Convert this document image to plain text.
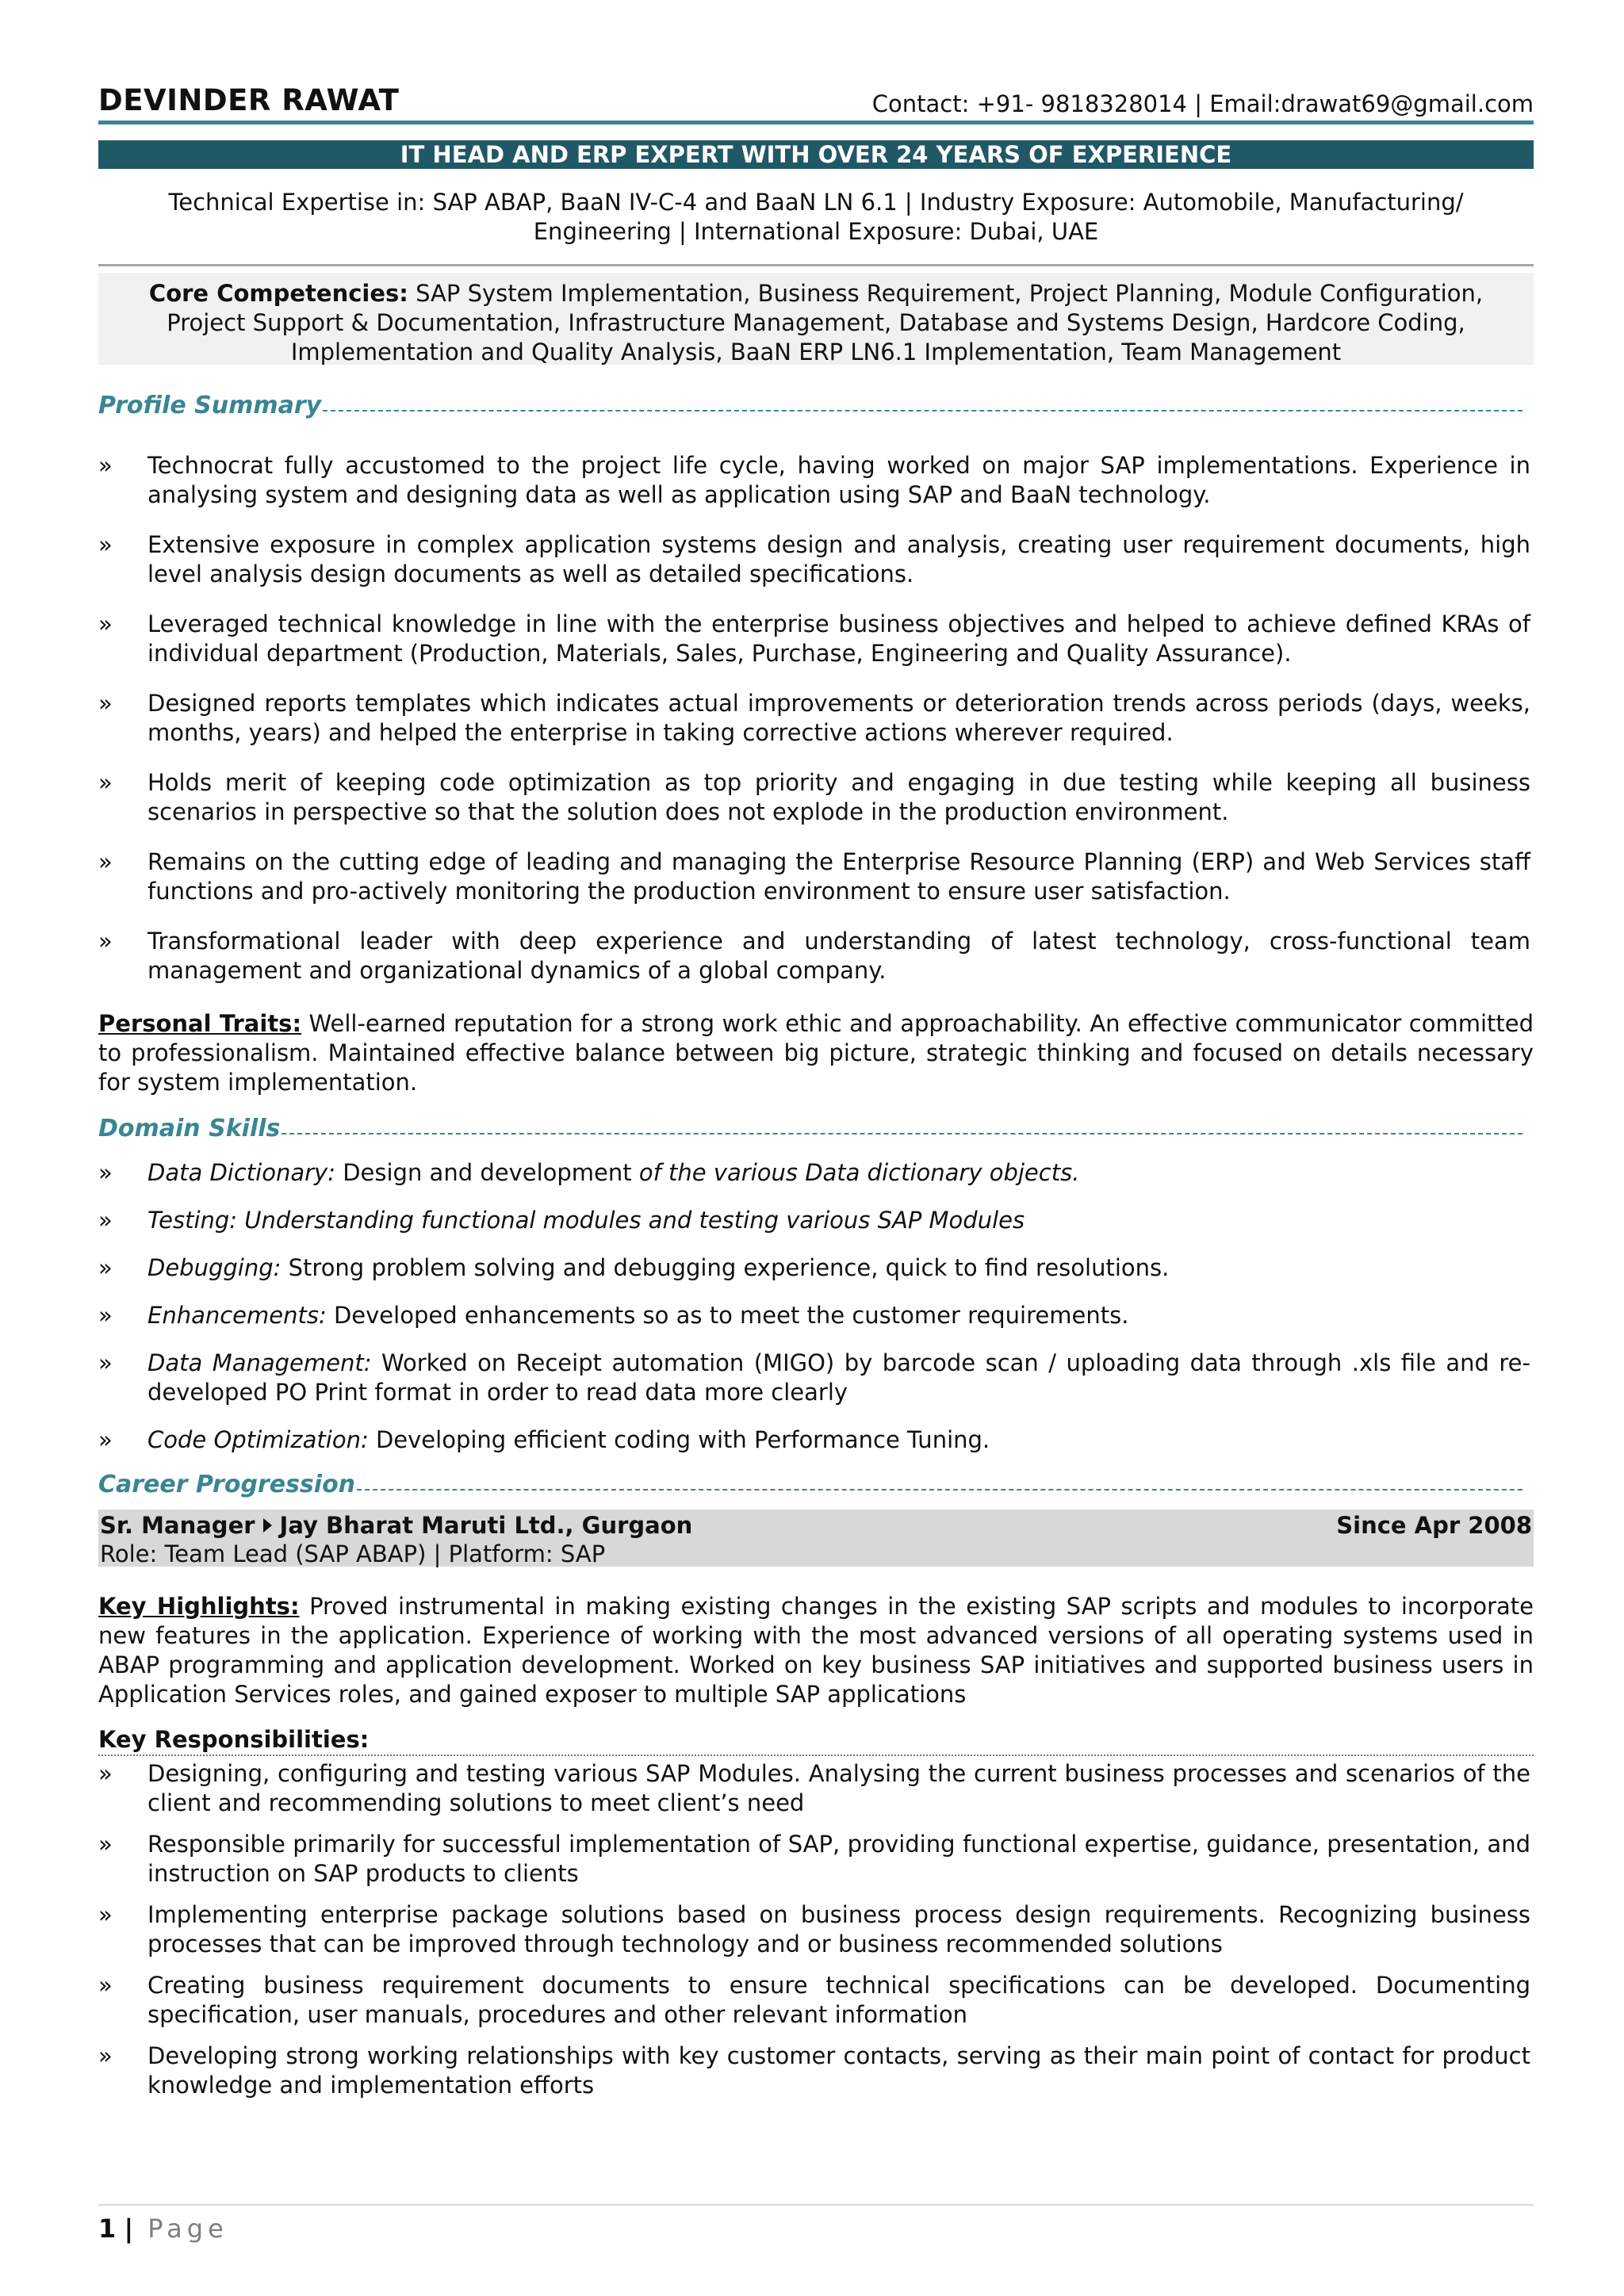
DEVINDER RAWAT	Contact: +91- 9818328014 | Email:drawat69@gmail.com
IT HEAD AND ERP EXPERT WITH OVER 24 YEARS OF EXPERIENCE
Technical Expertise in: SAP ABAP, BaaN IV-C-4 and BaaN LN 6.1 | Industry Exposure: Automobile, Manufacturing/ Engineering | International Exposure: Dubai, UAE
Core Competencies: SAP System Implementation, Business Requirement, Project Planning, Module Configuration, Project Support & Documentation, Infrastructure Management, Database and Systems Design, Hardcore Coding, Implementation and Quality Analysis, BaaN ERP LN6.1 Implementation, Team Management
Profile Summary
» Technocrat fully accustomed to the project life cycle, having worked on major SAP implementations. Experience in analysing system and designing data as well as application using SAP and BaaN technology.
» Extensive exposure in complex application systems design and analysis, creating user requirement documents, high level analysis design documents as well as detailed specifications.
» Leveraged technical knowledge in line with the enterprise business objectives and helped to achieve defined KRAs of individual department (Production, Materials, Sales, Purchase, Engineering and Quality Assurance).
» Designed reports templates which indicates actual improvements or deterioration trends across periods (days, weeks, months, years) and helped the enterprise in taking corrective actions wherever required.
» Holds merit of keeping code optimization as top priority and engaging in due testing while keeping all business scenarios in perspective so that the solution does not explode in the production environment.
» Remains on the cutting edge of leading and managing the Enterprise Resource Planning (ERP) and Web Services staff functions and pro-actively monitoring the production environment to ensure user satisfaction.
» Transformational leader with deep experience and understanding of latest technology, cross-functional team management and organizational dynamics of a global company.
Personal Traits: Well-earned reputation for a strong work ethic and approachability. An effective communicator committed to professionalism. Maintained effective balance between big picture, strategic thinking and focused on details necessary for system implementation.
Domain Skills
» Data Dictionary: Design and development of the various Data dictionary objects.
» Testing: Understanding functional modules and testing various SAP Modules
» Debugging: Strong problem solving and debugging experience, quick to find resolutions.
» Enhancements: Developed enhancements so as to meet the customer requirements.
» Data Management: Worked on Receipt automation (MIGO) by barcode scan / uploading data through .xls file and re-developed PO Print format in order to read data more clearly
» Code Optimization: Developing efficient coding with Performance Tuning.
Career Progression
Sr. Manager Jay Bharat Maruti Ltd., Gurgaon	Since Apr 2008
Role: Team Lead (SAP ABAP) | Platform: SAP
Key Highlights: Proved instrumental in making existing changes in the existing SAP scripts and modules to incorporate new features in the application. Experience of working with the most advanced versions of all operating systems used in ABAP programming and application development. Worked on key business SAP initiatives and supported business users in Application Services roles, and gained exposer to multiple SAP applications
Key Responsibilities:
» Designing, configuring and testing various SAP Modules. Analysing the current business processes and scenarios of the client and recommending solutions to meet client’s need
» Responsible primarily for successful implementation of SAP, providing functional expertise, guidance, presentation, and instruction on SAP products to clients
» Implementing enterprise package solutions based on business process design requirements. Recognizing business processes that can be improved through technology and or business recommended solutions
» Creating business requirement documents to ensure technical specifications can be developed. Documenting specification, user manuals, procedures and other relevant information
» Developing strong working relationships with key customer contacts, serving as their main point of contact for product knowledge and implementation efforts
1 | Page
